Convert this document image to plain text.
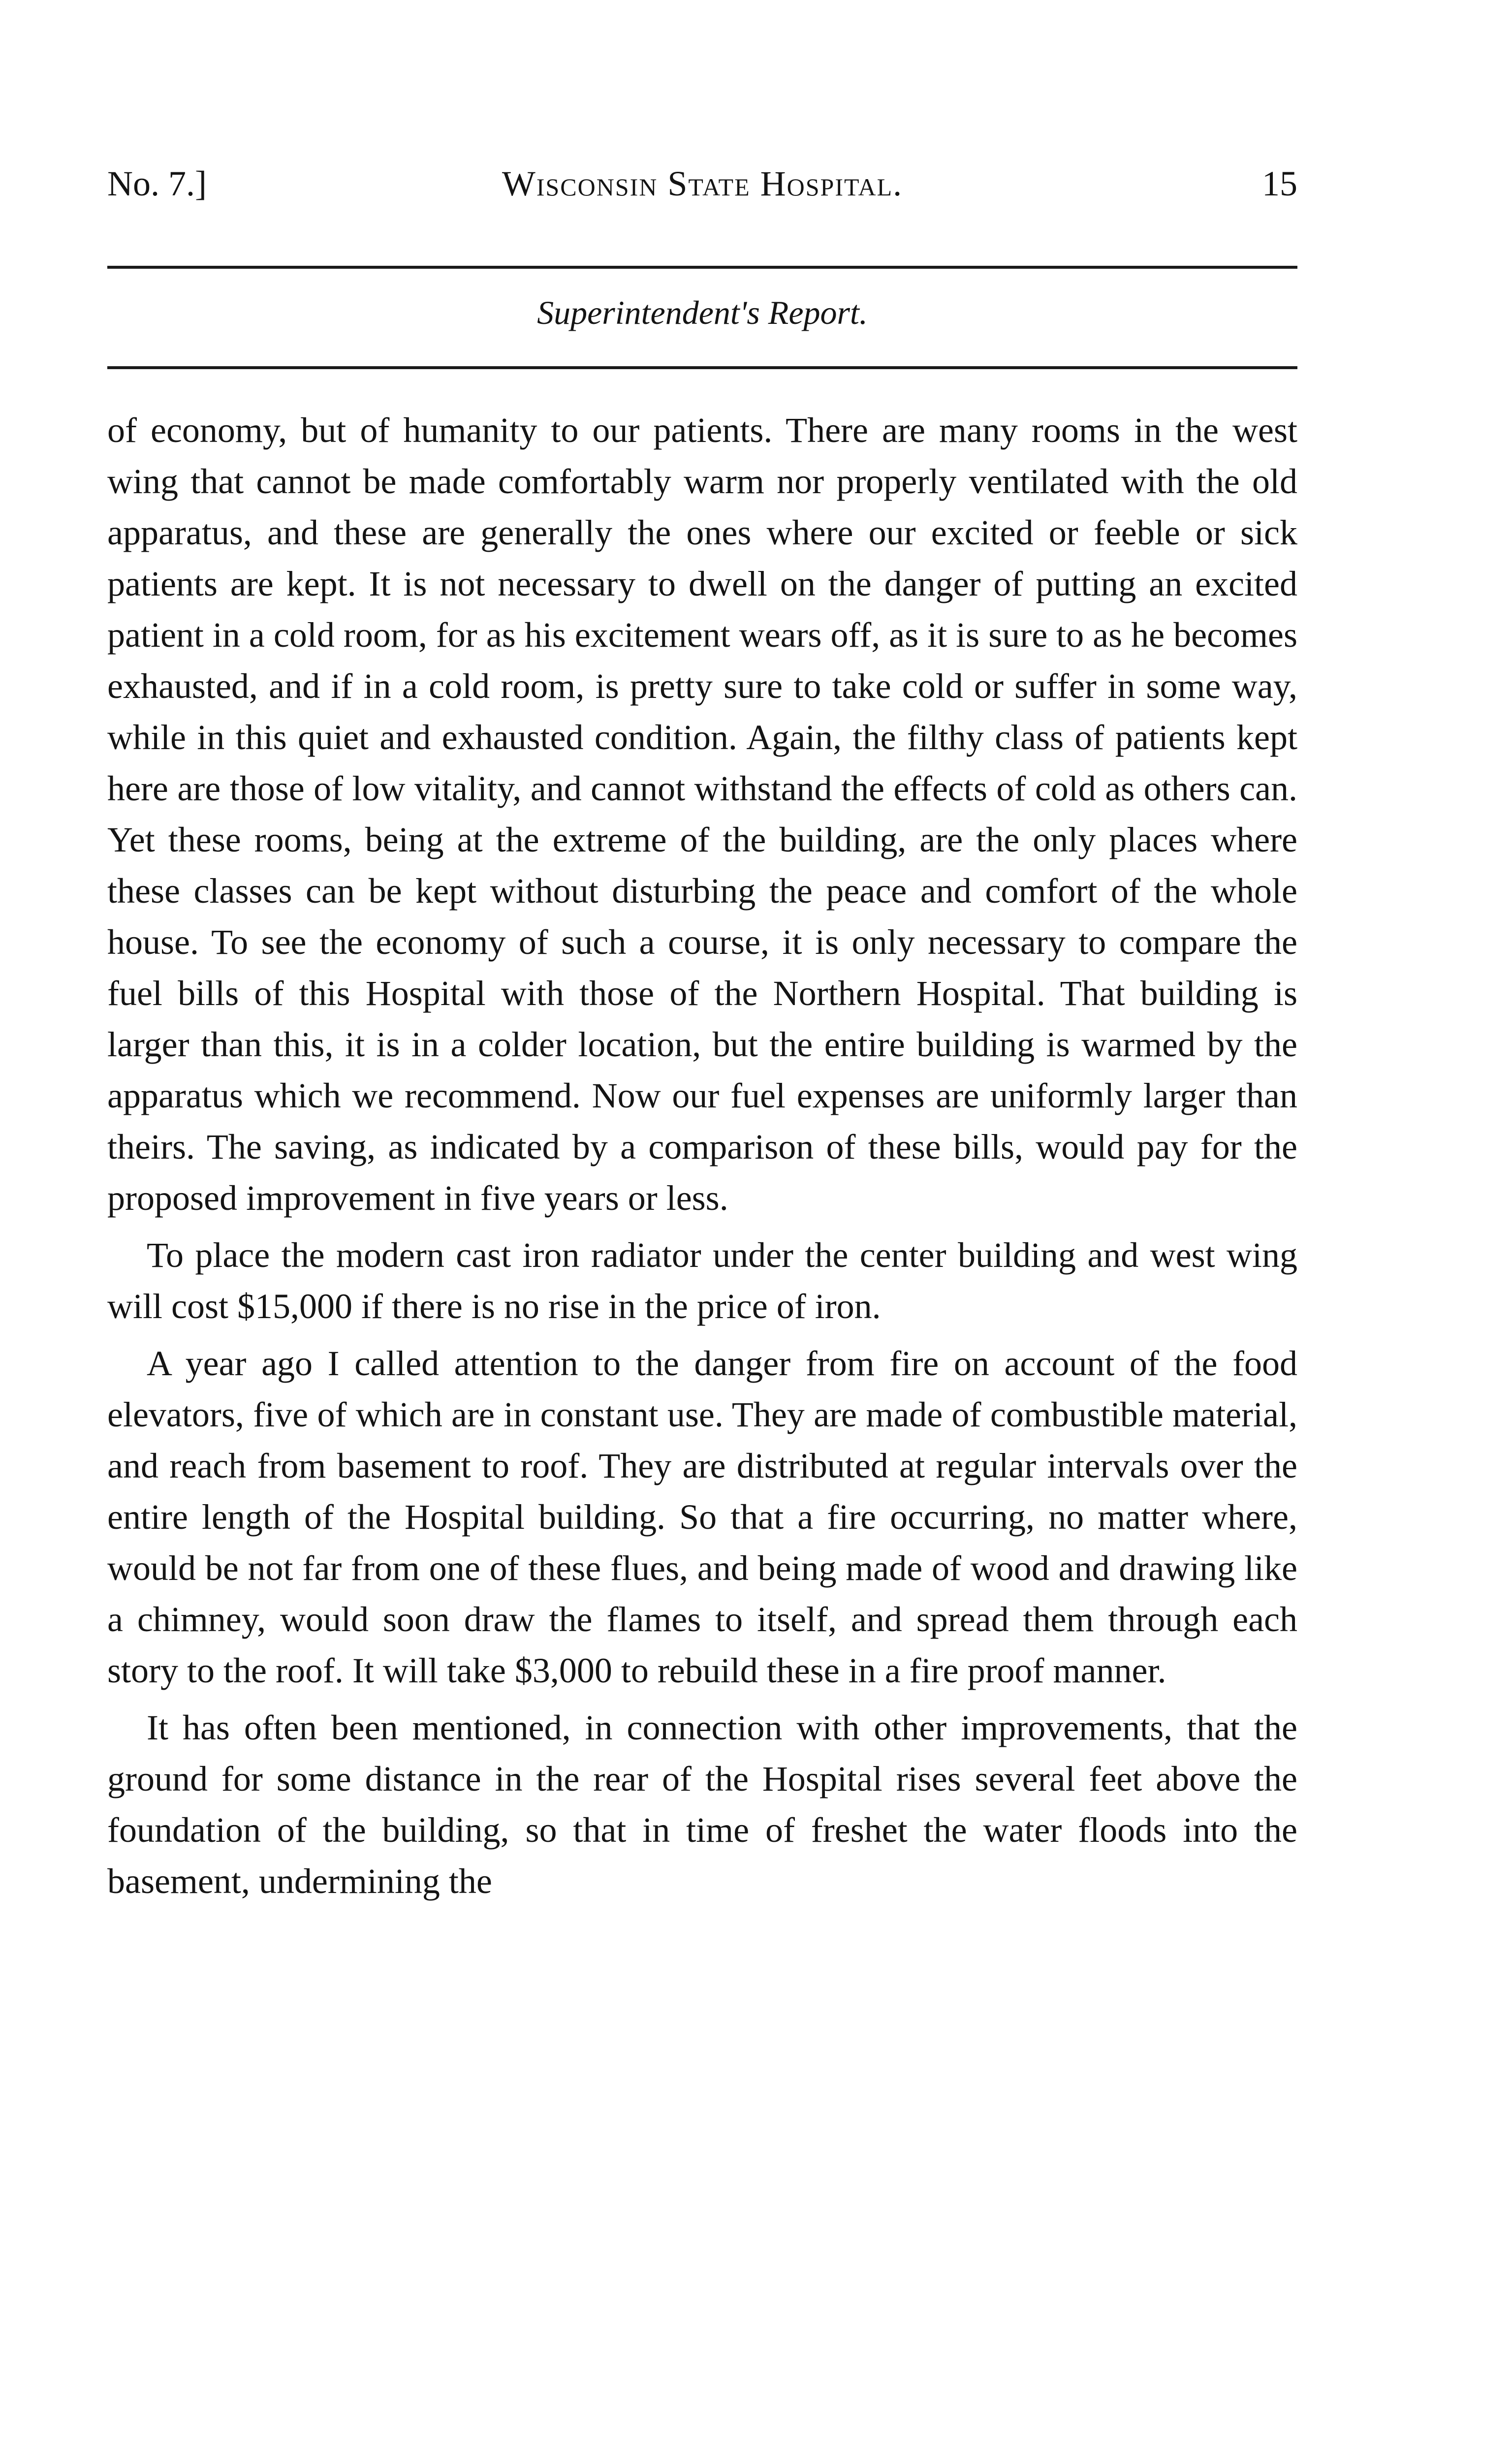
No. 7.]	Wisconsin State Hospital.	15
Superintendent's Report.

of economy, but of humanity to our patients. There are many rooms in the west wing that cannot be made comfortably warm nor properly ventilated with the old apparatus, and these are generally the ones where our excited or feeble or sick patients are kept. It is not necessary to dwell on the danger of putting an excited patient in a cold room, for as his excitement wears off, as it is sure to as he becomes exhausted, and if in a cold room, is pretty sure to take cold or suffer in some way, while in this quiet and exhausted condition. Again, the filthy class of patients kept here are those of low vitality, and cannot withstand the effects of cold as others can. Yet these rooms, being at the extreme of the building, are the only places where these classes can be kept without disturbing the peace and comfort of the whole house. To see the economy of such a course, it is only necessary to compare the fuel bills of this Hospital with those of the Northern Hospital. That building is larger than this, it is in a colder location, but the entire building is warmed by the apparatus which we recommend. Now our fuel expenses are uniformly larger than theirs. The saving, as indicated by a comparison of these bills, would pay for the proposed improvement in five years or less.

To place the modern cast iron radiator under the center building and west wing will cost $15,000 if there is no rise in the price of iron.

A year ago I called attention to the danger from fire on account of the food elevators, five of which are in constant use. They are made of combustible material, and reach from basement to roof. They are distributed at regular intervals over the entire length of the Hospital building. So that a fire occurring, no matter where, would be not far from one of these flues, and being made of wood and drawing like a chimney, would soon draw the flames to itself, and spread them through each story to the roof. It will take $3,000 to rebuild these in a fire proof manner.

It has often been mentioned, in connection with other improvements, that the ground for some distance in the rear of the Hospital rises several feet above the foundation of the building, so that in time of freshet the water floods into the basement, undermining the
